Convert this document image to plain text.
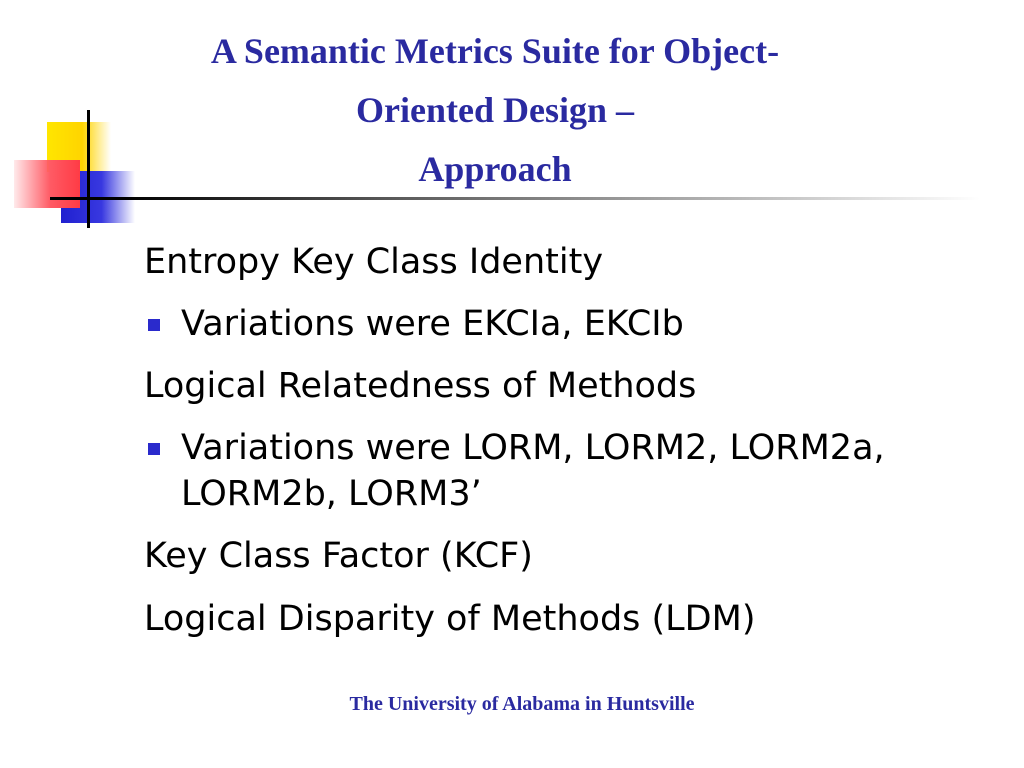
A Semantic Metrics Suite for Object-
Oriented Design –
Approach
Entropy Key Class Identity
Variations were EKCIa, EKCIb
Logical Relatedness of Methods
Variations were LORM, LORM2, LORM2a, LORM2b, LORM3’
Key Class Factor (KCF)
Logical Disparity of Methods (LDM)
The University of Alabama in Huntsville
